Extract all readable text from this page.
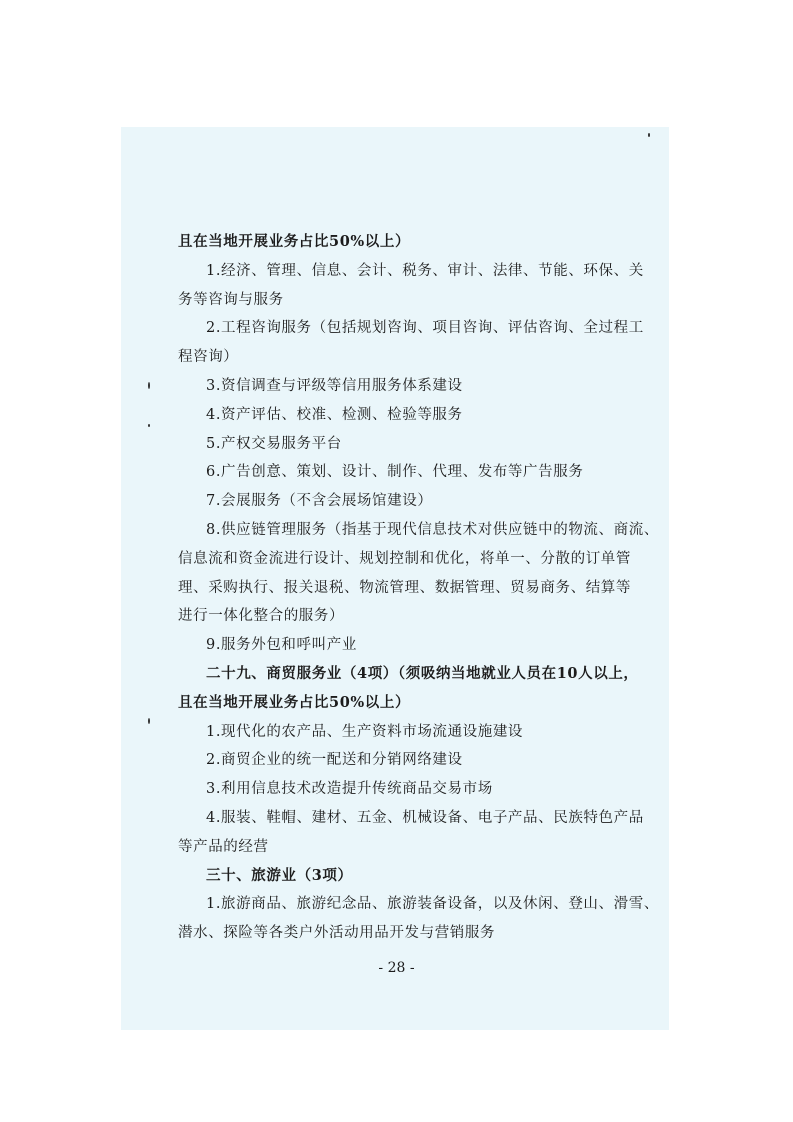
且在当地开展业务占比50%以上）
1.经济、管理、信息、会计、税务、审计、法律、节能、环保、关
务等咨询与服务
2.工程咨询服务（包括规划咨询、项目咨询、评估咨询、全过程工
程咨询）
3.资信调查与评级等信用服务体系建设
4.资产评估、校准、检测、检验等服务
5.产权交易服务平台
6.广告创意、策划、设计、制作、代理、发布等广告服务
7.会展服务（不含会展场馆建设）
8.供应链管理服务（指基于现代信息技术对供应链中的物流、商流、
信息流和资金流进行设计、规划控制和优化，将单一、分散的订单管
理、采购执行、报关退税、物流管理、数据管理、贸易商务、结算等
进行一体化整合的服务）
9.服务外包和呼叫产业
二十九、商贸服务业（4项）（须吸纳当地就业人员在10人以上，
且在当地开展业务占比50%以上）
1.现代化的农产品、生产资料市场流通设施建设
2.商贸企业的统一配送和分销网络建设
3.利用信息技术改造提升传统商品交易市场
4.服装、鞋帽、建材、五金、机械设备、电子产品、民族特色产品
等产品的经营
三十、旅游业（3项）
1.旅游商品、旅游纪念品、旅游装备设备，以及休闲、登山、滑雪、
潜水、探险等各类户外活动用品开发与营销服务
- 28 -
